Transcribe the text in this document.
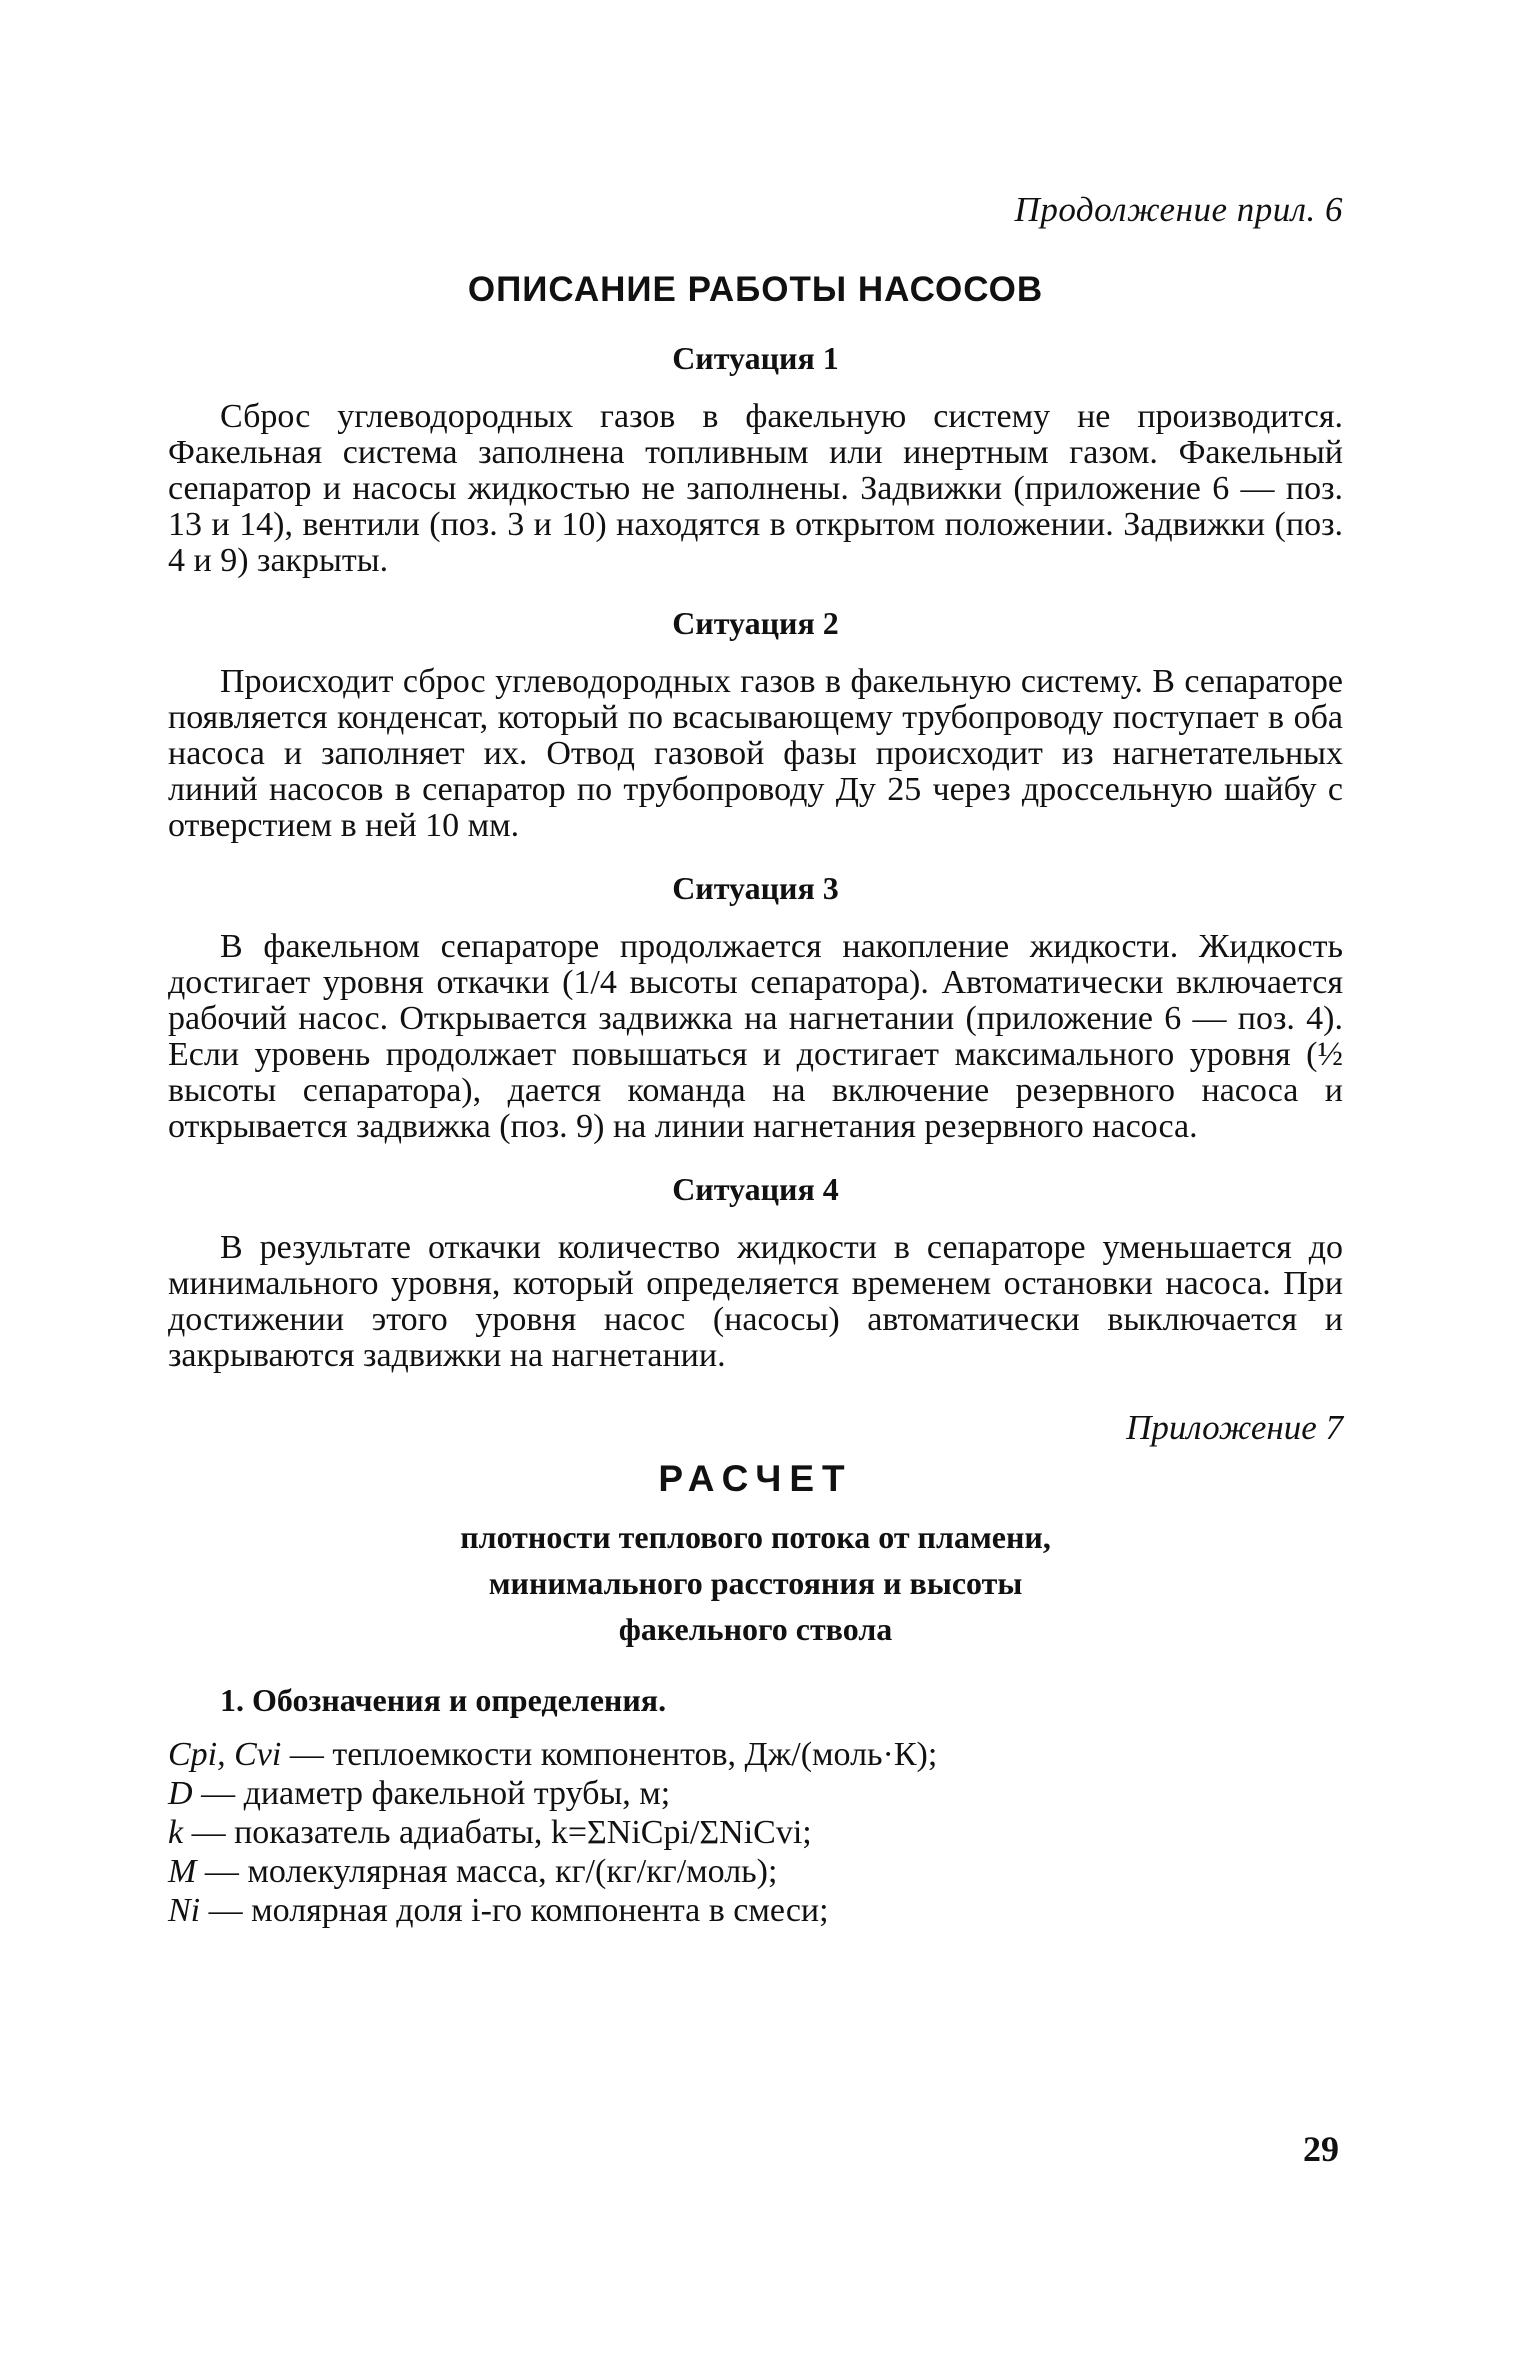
Продолжение прил. 6
ОПИСАНИЕ РАБОТЫ НАСОСОВ
Ситуация 1

Сброс углеводородных газов в факельную систему не производится. Факельная система заполнена топливным или инертным газом. Факельный сепаратор и насосы жидкостью не заполнены. Задвижки (приложение 6 — поз. 13 и 14), вентили (поз. 3 и 10) находятся в открытом положении. Задвижки (поз. 4 и 9) закрыты.

Ситуация 2

Происходит сброс углеводородных газов в факельную систему. В сепараторе появляется конденсат, который по всасывающему трубопроводу поступает в оба насоса и заполняет их. Отвод газовой фазы происходит из нагнетательных линий насосов в сепаратор по трубопроводу Ду 25 через дроссельную шайбу с отверстием в ней 10 мм.

Ситуация 3

В факельном сепараторе продолжается накопление жидкости. Жидкость достигает уровня откачки (1/4 высоты сепаратора). Автоматически включается рабочий насос. Открывается задвижка на нагнетании (приложение 6 — поз. 4). Если уровень продолжает повышаться и достигает максимального уровня (½ высоты сепаратора), дается команда на включение резервного насоса и открывается задвижка (поз. 9) на линии нагнетания резервного насоса.

Ситуация 4

В результате откачки количество жидкости в сепараторе уменьшается до минимального уровня, который определяется временем остановки насоса. При достижении этого уровня насос (насосы) автоматически выключается и закрываются задвижки на нагнетании.

Приложение 7
РАСЧЕТ
плотности теплового потока от пламени,
минимального расстояния и высоты
факельного ствола
1. Обозначения и определения.

Cpi, Cvi — теплоемкости компонентов, Дж/(моль·К);

D — диаметр факельной трубы, м;

k — показатель адиабаты, k=ΣNiCpi/ΣNiCvi;

M — молекулярная масса, кг/(кг/кг/моль);

Ni — молярная доля i-го компонента в смеси;

29
